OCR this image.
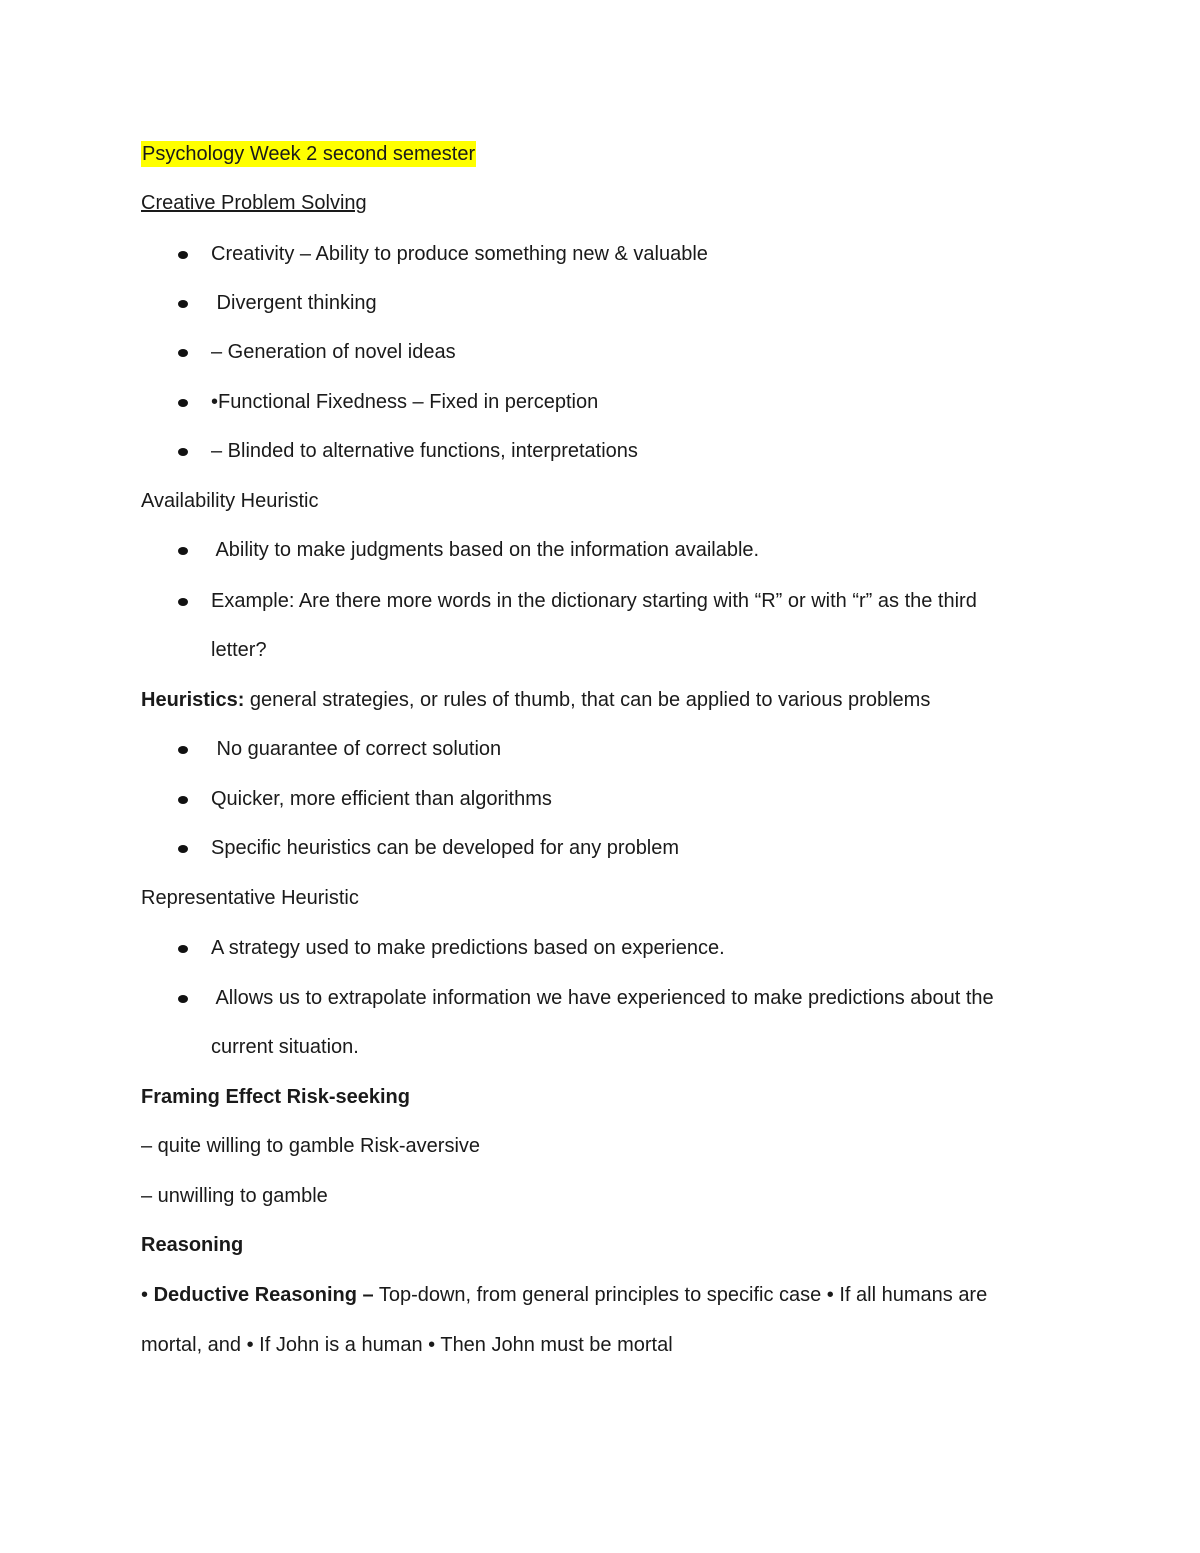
Psychology Week 2 second semester
Creative Problem Solving
Creativity – Ability to produce something new & valuable
Divergent thinking
– Generation of novel ideas
•Functional Fixedness – Fixed in perception
– Blinded to alternative functions, interpretations
Availability Heuristic
Ability to make judgments based on the information available.
Example: Are there more words in the dictionary starting with “R” or with “r” as the third
letter?
Heuristics: general strategies, or rules of thumb, that can be applied to various problems
No guarantee of correct solution
Quicker, more efficient than algorithms
Specific heuristics can be developed for any problem
Representative Heuristic
A strategy used to make predictions based on experience.
Allows us to extrapolate information we have experienced to make predictions about the
current situation.
Framing Effect Risk-seeking
– quite willing to gamble Risk-aversive
– unwilling to gamble
Reasoning
• Deductive Reasoning – Top-down, from general principles to specific case • If all humans are
mortal, and • If John is a human • Then John must be mortal
